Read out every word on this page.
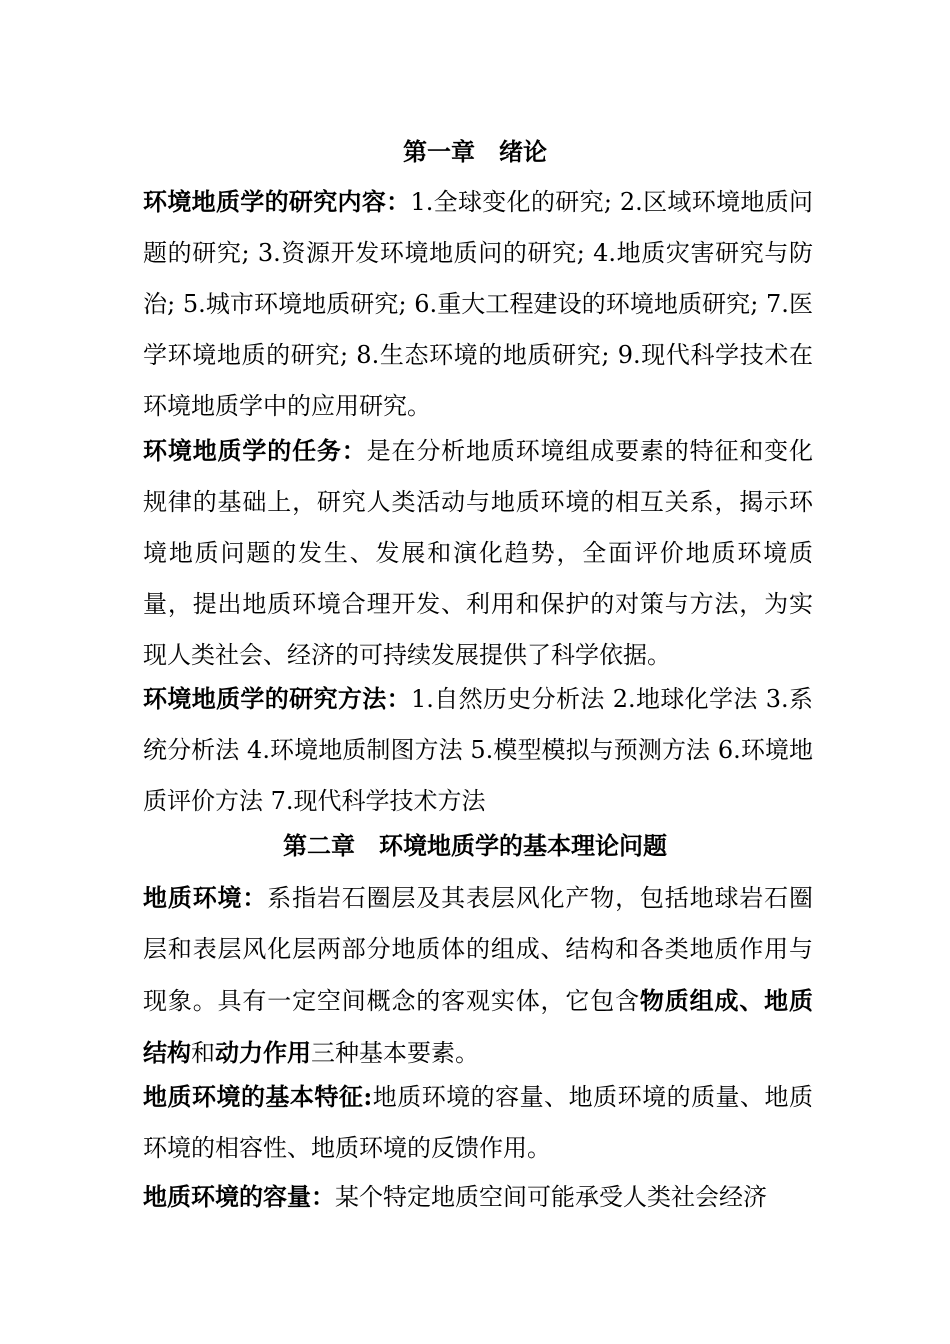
第一章　绪论
环境地质学的研究内容：1.全球变化的研究; 2.区域环境地质问题的研究; 3.资源开发环境地质问的研究; 4.地质灾害研究与防治; 5.城市环境地质研究; 6.重大工程建设的环境地质研究; 7.医学环境地质的研究; 8.生态环境的地质研究; 9.现代科学技术在环境地质学中的应用研究。
环境地质学的任务：是在分析地质环境组成要素的特征和变化规律的基础上，研究人类活动与地质环境的相互关系，揭示环境地质问题的发生、发展和演化趋势，全面评价地质环境质量，提出地质环境合理开发、利用和保护的对策与方法，为实现人类社会、经济的可持续发展提供了科学依据。
环境地质学的研究方法：1.自然历史分析法 2.地球化学法 3.系统分析法 4.环境地质制图方法 5.模型模拟与预测方法 6.环境地质评价方法 7.现代科学技术方法
第二章　环境地质学的基本理论问题
地质环境：系指岩石圈层及其表层风化产物，包括地球岩石圈层和表层风化层两部分地质体的组成、结构和各类地质作用与现象。具有一定空间概念的客观实体，它包含物质组成、地质结构和动力作用三种基本要素。
地质环境的基本特征:地质环境的容量、地质环境的质量、地质环境的相容性、地质环境的反馈作用。
地质环境的容量：某个特定地质空间可能承受人类社会经济
